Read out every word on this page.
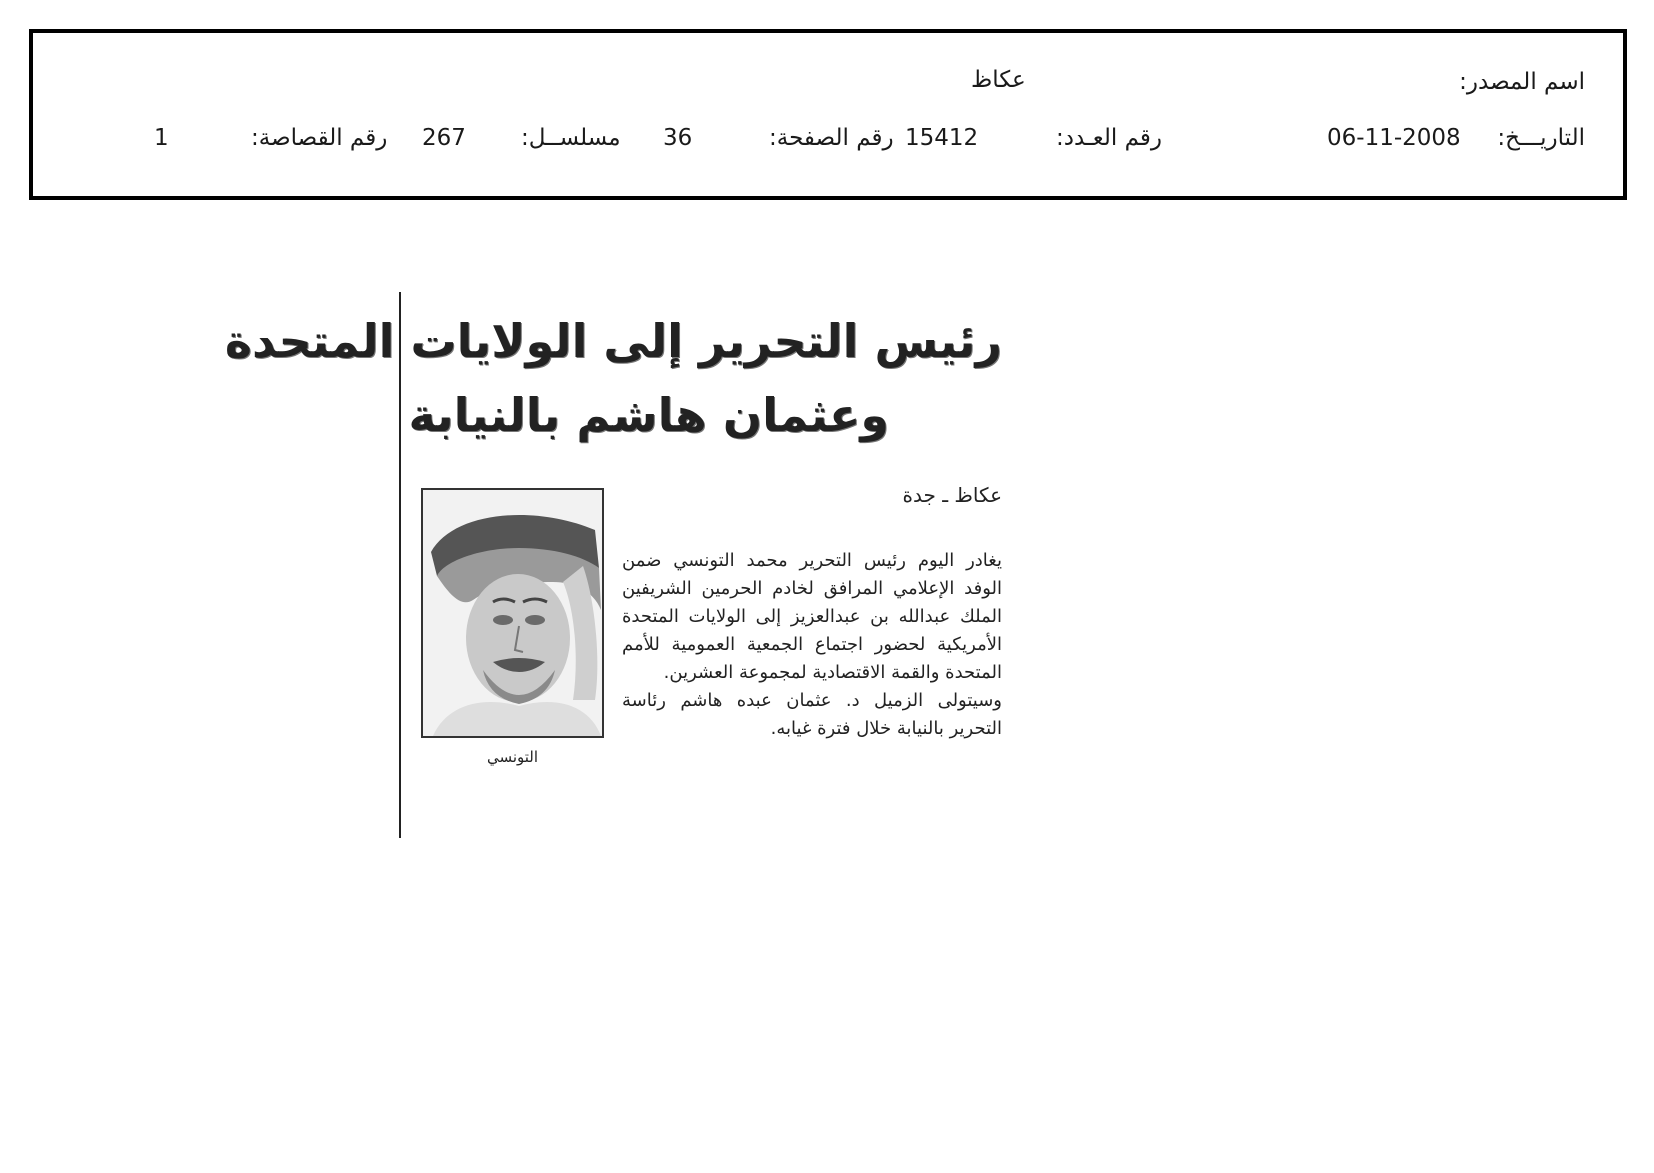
اسم المصدر:
عكاظ
التاريـــخ:
06-11-2008
رقم العـدد:
15412
رقم الصفحة:
36
مسلســل:
267
رقم القصاصة:
1
رئيس التحرير إلى الولايات المتحدة
وعثمان هاشم بالنيابة
عكاظ ـ جدة
التونسي

يغادر اليوم رئيس التحرير محمد التونسي ضمن الوفد الإعلامي المرافق لخادم الحرمين الشريفين الملك عبدالله بن عبدالعزيز إلى الولايات المتحدة الأمريكية لحضور اجتماع الجمعية العمومية للأمم المتحدة والقمة الاقتصادية لمجموعة العشرين.

وسيتولى الزميل د. عثمان عبده هاشم رئاسة التحرير بالنيابة خلال فترة غيابه.
